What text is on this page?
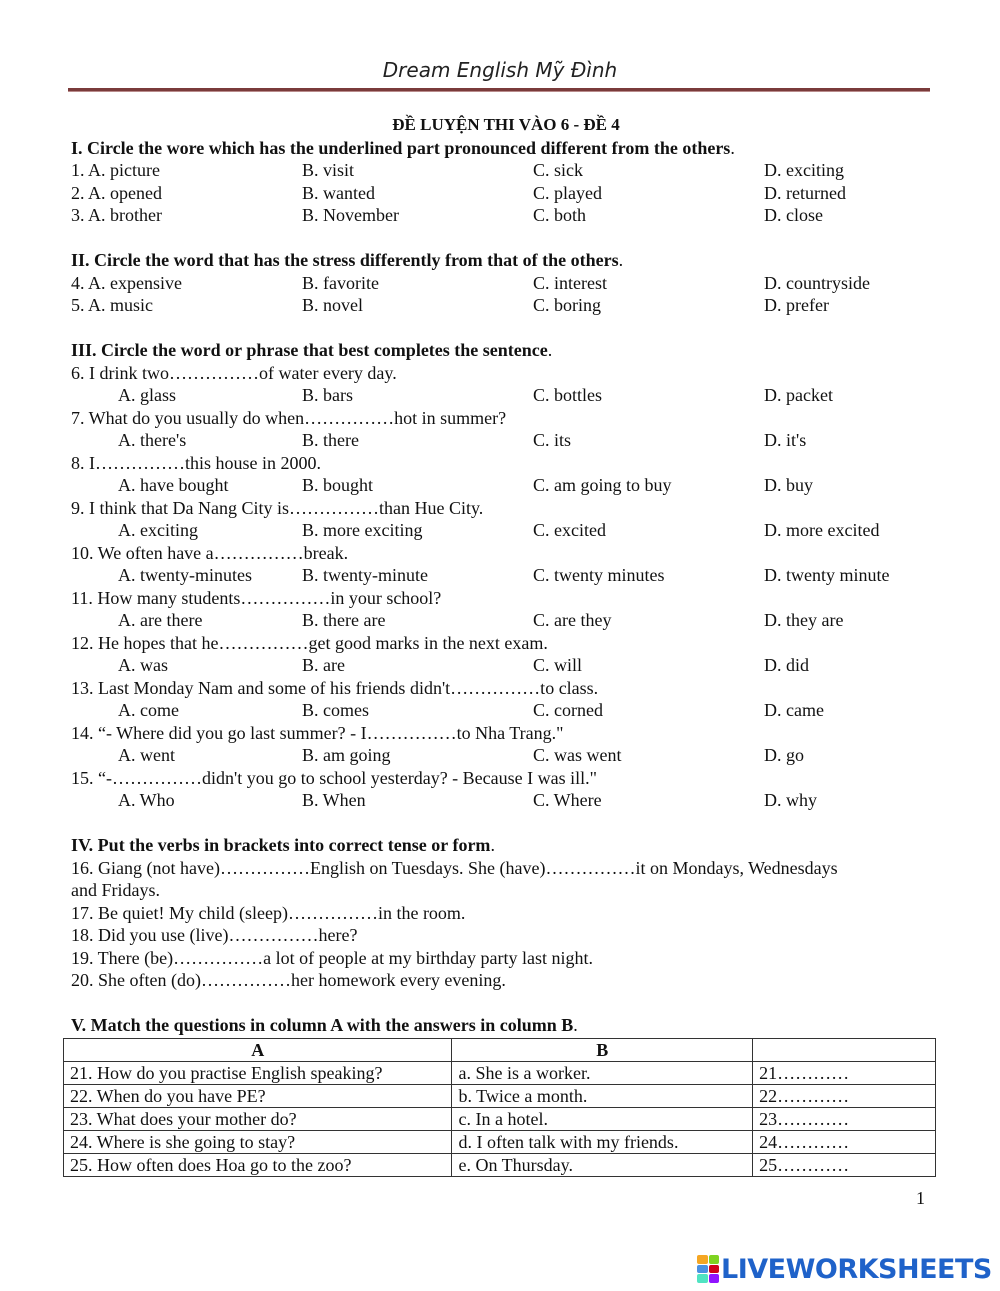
Dream English Mỹ Đình
ĐỀ LUYỆN THI VÀO 6 - ĐỀ 4
I. Circle the wore which has the underlined part pronounced different from the others.
1. A. picture	B. visit	C. sick	D. exciting
2. A. opened	B. wanted	C. played	D. returned
3. A. brother	B. November	C. both	D. close
II. Circle the word that has the stress differently from that of the others.
4. A. expensive	B. favorite	C. interest	D. countryside
5. A. music	B. novel	C. boring	D. prefer
III. Circle the word or phrase that best completes the sentence.
6. I drink two……………of water every day.
A. glass	B. bars	C. bottles	D. packet
7. What do you usually do when……………hot in summer?
A. there's	B. there	C. its	D. it's
8. I……………this house in 2000.
A. have bought	B. bought	C. am going to buy	D. buy
9. I think that Da Nang City is……………than Hue City.
A. exciting	B. more exciting	C. excited	D. more excited
10. We often have a……………break.
A. twenty-minutes	B. twenty-minute	C. twenty minutes	D. twenty minute
11. How many students……………in your school?
A. are there	B. there are	C. are they	D. they are
12. He hopes that he……………get good marks in the next exam.
A. was	B. are	C. will	D. did
13. Last Monday Nam and some of his friends didn't……………to class.
A. come	B. comes	C. corned	D. came
14. “- Where did you go last summer? - I……………to Nha Trang."
A. went	B. am going	C. was went	D. go
15. “-……………didn't you go to school yesterday? - Because I was ill."
A. Who	B. When	C. Where	D. why
IV. Put the verbs in brackets into correct tense or form.
16. Giang (not have)……………English on Tuesdays. She (have)……………it on Mondays, Wednesdays
and Fridays.
17. Be quiet! My child (sleep)……………in the room.
18. Did you use (live)……………here?
19. There (be)……………a lot of people at my birthday party last night.
20. She often (do)……………her homework every evening.
V. Match the questions in column A with the answers in column B.
A	B	
21. How do you practise English speaking?	a. She is a worker.	21…………
22. When do you have PE?	b. Twice a month.	22…………
23. What does your mother do?	c. In a hotel.	23…………
24. Where is she going to stay?	d. I often talk with my friends.	24…………
25. How often does Hoa go to the zoo?	e. On Thursday.	25…………
1
LIVEWORKSHEETS
